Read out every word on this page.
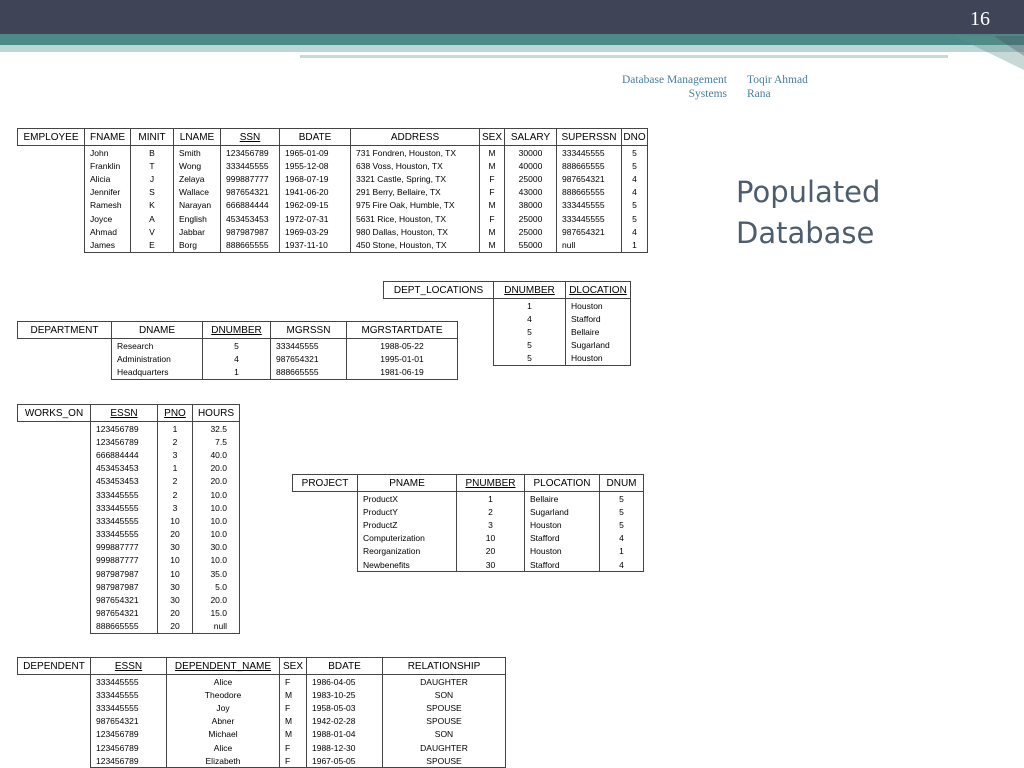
16
Database Management
Systems
Toqir Ahmad
Rana
Populated
Database
EMPLOYEE	FNAME	MINIT	LNAME	SSN	BDATE	ADDRESS	SEX	SALARY	SUPERSSN	DNO
	John	B	Smith	123456789	1965-01-09	731 Fondren, Houston, TX	M	30000	333445555	5
	Franklin	T	Wong	333445555	1955-12-08	638 Voss, Houston, TX	M	40000	888665555	5
	Alicia	J	Zelaya	999887777	1968-07-19	3321 Castle, Spring, TX	F	25000	987654321	4
	Jennifer	S	Wallace	987654321	1941-06-20	291 Berry, Bellaire, TX	F	43000	888665555	4
	Ramesh	K	Narayan	666884444	1962-09-15	975 Fire Oak, Humble, TX	M	38000	333445555	5
	Joyce	A	English	453453453	1972-07-31	5631 Rice, Houston, TX	F	25000	333445555	5
	Ahmad	V	Jabbar	987987987	1969-03-29	980 Dallas, Houston, TX	M	25000	987654321	4
	James	E	Borg	888665555	1937-11-10	450 Stone, Houston, TX	M	55000	null	1
DEPT_LOCATIONS	DNUMBER	DLOCATION
	1	Houston
	4	Stafford
	5	Bellaire
	5	Sugarland
	5	Houston
DEPARTMENT	DNAME	DNUMBER	MGRSSN	MGRSTARTDATE
	Research	5	333445555	1988-05-22
	Administration	4	987654321	1995-01-01
	Headquarters	1	888665555	1981-06-19
WORKS_ON	ESSN	PNO	HOURS
	123456789	1	32.5
	123456789	2	7.5
	666884444	3	40.0
	453453453	1	20.0
	453453453	2	20.0
	333445555	2	10.0
	333445555	3	10.0
	333445555	10	10.0
	333445555	20	10.0
	999887777	30	30.0
	999887777	10	10.0
	987987987	10	35.0
	987987987	30	5.0
	987654321	30	20.0
	987654321	20	15.0
	888665555	20	null
PROJECT	PNAME	PNUMBER	PLOCATION	DNUM
	ProductX	1	Bellaire	5
	ProductY	2	Sugarland	5
	ProductZ	3	Houston	5
	Computerization	10	Stafford	4
	Reorganization	20	Houston	1
	Newbenefits	30	Stafford	4
DEPENDENT	ESSN	DEPENDENT_NAME	SEX	BDATE	RELATIONSHIP
	333445555	Alice	F	1986-04-05	DAUGHTER
	333445555	Theodore	M	1983-10-25	SON
	333445555	Joy	F	1958-05-03	SPOUSE
	987654321	Abner	M	1942-02-28	SPOUSE
	123456789	Michael	M	1988-01-04	SON
	123456789	Alice	F	1988-12-30	DAUGHTER
	123456789	Elizabeth	F	1967-05-05	SPOUSE
